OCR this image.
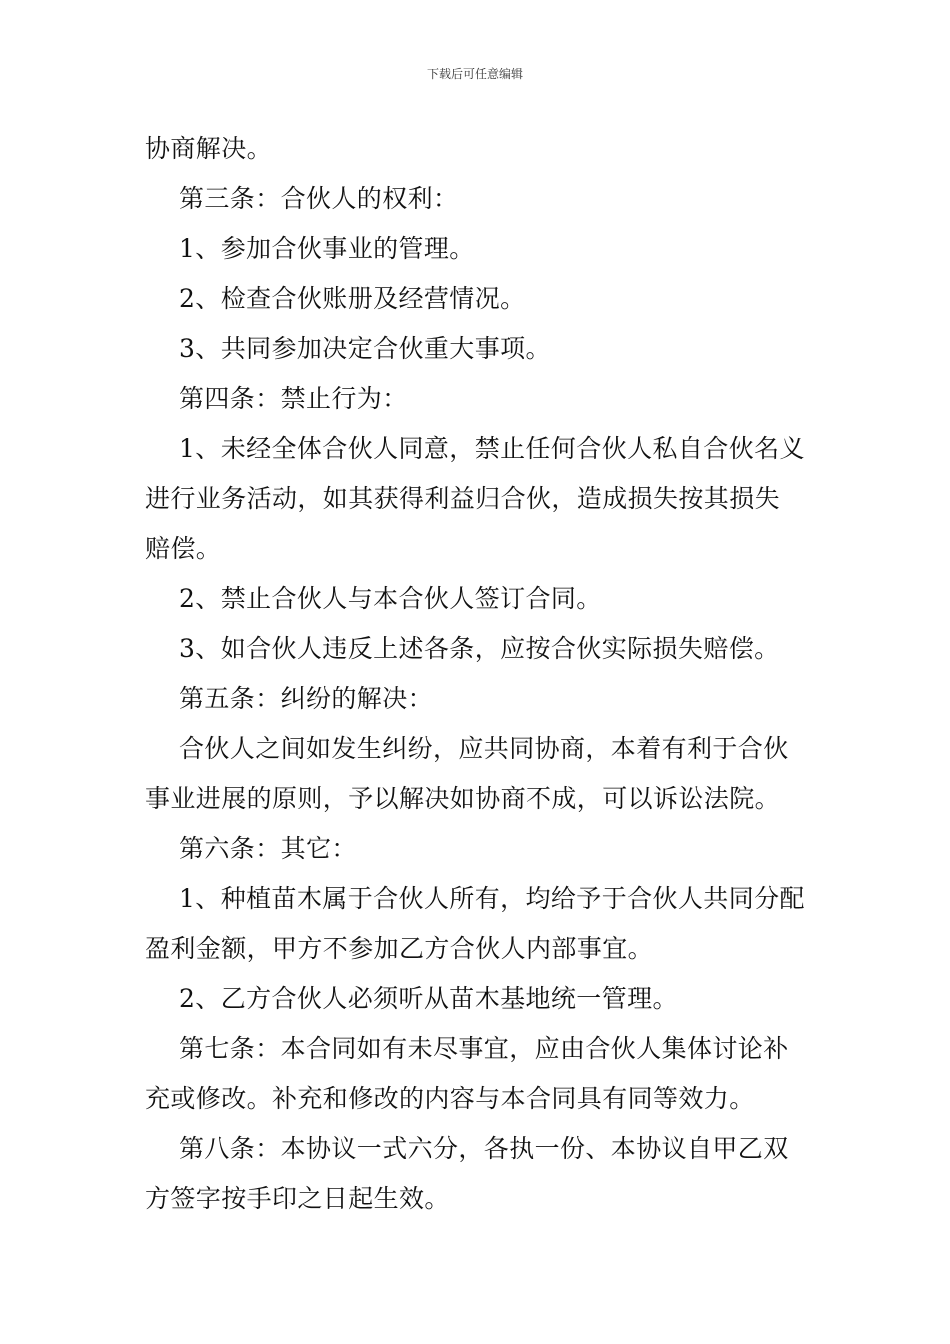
下载后可任意编辑

协商解决。

第三条：合伙人的权利：

1、参加合伙事业的管理。

2、检查合伙账册及经营情况。

3、共同参加决定合伙重大事项。

第四条：禁止行为：

1、未经全体合伙人同意，禁止任何合伙人私自合伙名义
进行业务活动，如其获得利益归合伙，造成损失按其损失
赔偿。

2、禁止合伙人与本合伙人签订合同。

3、如合伙人违反上述各条，应按合伙实际损失赔偿。

第五条：纠纷的解决：

合伙人之间如发生纠纷，应共同协商，本着有利于合伙
事业进展的原则，予以解决如协商不成，可以诉讼法院。

第六条：其它：

1、种植苗木属于合伙人所有，均给予于合伙人共同分配
盈利金额，甲方不参加乙方合伙人内部事宜。

2、乙方合伙人必须听从苗木基地统一管理。

第七条：本合同如有未尽事宜，应由合伙人集体讨论补
充或修改。补充和修改的内容与本合同具有同等效力。

第八条：本协议一式六分，各执一份、本协议自甲乙双
方签字按手印之日起生效。
